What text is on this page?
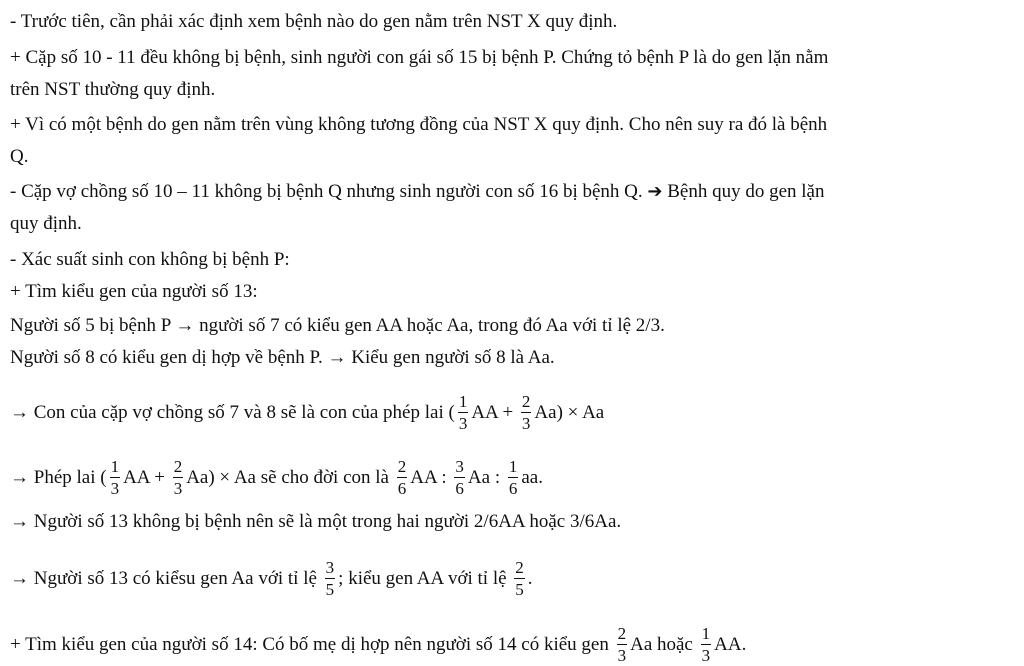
- Trước tiên, cần phải xác định xem bệnh nào do gen nằm trên NST X quy định.
+ Cặp số 10 - 11 đều không bị bệnh, sinh người con gái số 15 bị bệnh P. Chứng tỏ bệnh P là do gen lặn nằm
trên NST thường quy định.
+ Vì có một bệnh do gen nằm trên vùng không tương đồng của NST X quy định. Cho nên suy ra đó là bệnh
Q.
- Cặp vợ chồng số 10 – 11 không bị bệnh Q nhưng sinh người con số 16 bị bệnh Q. ➔ Bệnh quy do gen lặn
quy định.
- Xác suất sinh con không bị bệnh P:
+ Tìm kiểu gen của người số 13:
Người số 5 bị bệnh P → người số 7 có kiểu gen AA hoặc Aa, trong đó Aa với tỉ lệ 2/3.
Người số 8 có kiểu gen dị hợp về bệnh P. → Kiểu gen người số 8 là Aa.
→ Con của cặp vợ chồng số 7 và 8 sẽ là con của phép lai ( $\frac{1}{3}$ AA + $\frac{2}{3} Aa) \times Aa$
→ Phép lai ( $\frac{1}{3}$ AA + $\frac{2}{3} Aa) \times Aa$ sẽ cho đời con là $\frac{2}{6}$ AA : $\frac{3}{6}$ Aa : $\frac{1}{6}$ aa.
→ Người số 13 không bị bệnh nên sẽ là một trong hai người 2/6AA hoặc 3/6Aa.
→ Người số 13 có kiểsu gen Aa với tỉ lệ $\frac{3}{5}$ ; kiểu gen AA với tỉ lệ $\frac{2}{5}$ .
+ Tìm kiểu gen của người số 14: Có bố mẹ dị hợp nên người số 14 có kiểu gen $\frac{2}{3}$ Aa hoặc $\frac{1}{3}$ AA.
